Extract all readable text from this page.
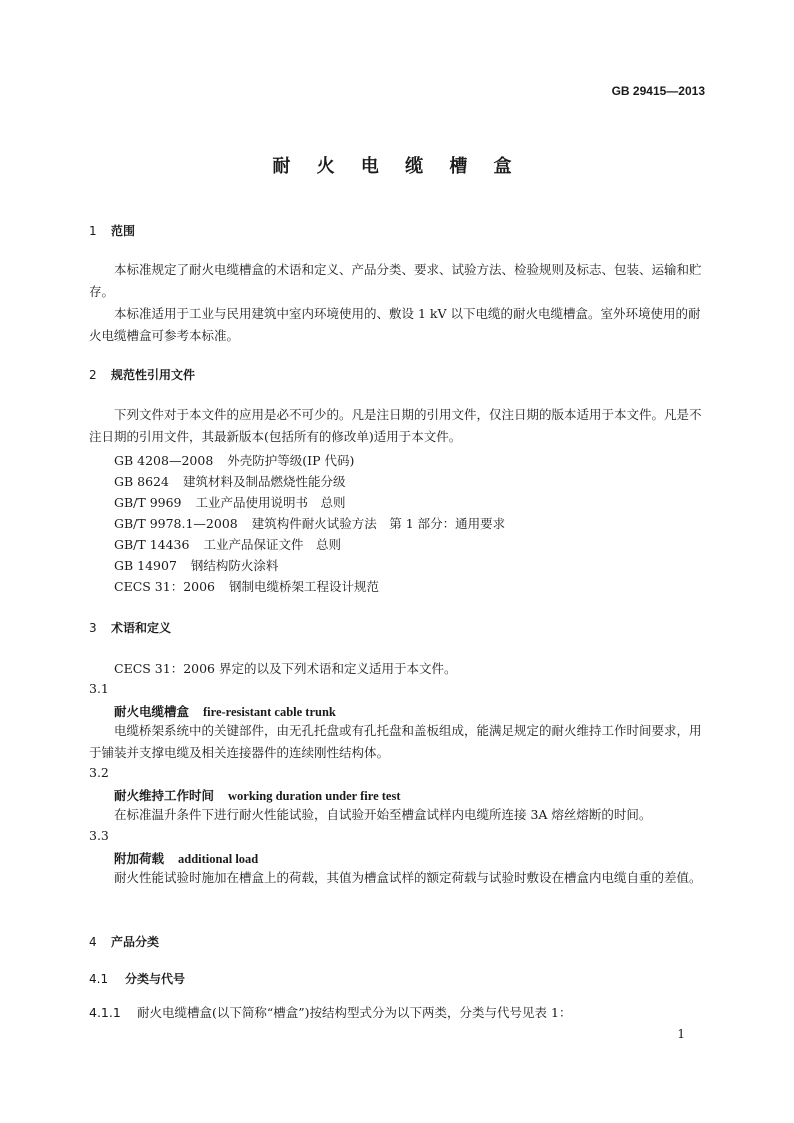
GB 29415—2013
耐 火 电 缆 槽 盒
1 范围
本标准规定了耐火电缆槽盒的术语和定义、产品分类、要求、试验方法、检验规则及标志、包装、运输和贮存。
本标准适用于工业与民用建筑中室内环境使用的、敷设 1 kV 以下电缆的耐火电缆槽盒。室外环境使用的耐火电缆槽盒可参考本标准。
2 规范性引用文件
下列文件对于本文件的应用是必不可少的。凡是注日期的引用文件，仅注日期的版本适用于本文件。凡是不注日期的引用文件，其最新版本(包括所有的修改单)适用于本文件。
GB 4208—2008 外壳防护等级(IP 代码)
GB 8624 建筑材料及制品燃烧性能分级
GB/T 9969 工业产品使用说明书　总则
GB/T 9978.1—2008 建筑构件耐火试验方法　第 1 部分：通用要求
GB/T 14436 工业产品保证文件　总则
GB 14907 钢结构防火涂料
CECS 31：2006 钢制电缆桥架工程设计规范
3 术语和定义
CECS 31：2006 界定的以及下列术语和定义适用于本文件。
3.1
耐火电缆槽盒 fire-resistant cable trunk
电缆桥架系统中的关键部件，由无孔托盘或有孔托盘和盖板组成，能满足规定的耐火维持工作时间要求，用于铺装并支撑电缆及相关连接器件的连续刚性结构体。
3.2
耐火维持工作时间 working duration under fire test
在标准温升条件下进行耐火性能试验，自试验开始至槽盒试样内电缆所连接 3A 熔丝熔断的时间。
3.3
附加荷载 additional load
耐火性能试验时施加在槽盒上的荷载，其值为槽盒试样的额定荷载与试验时敷设在槽盒内电缆自重的差值。
4 产品分类
4.1 分类与代号
4.1.1 耐火电缆槽盒(以下简称“槽盒”)按结构型式分为以下两类，分类与代号见表 1：
1
